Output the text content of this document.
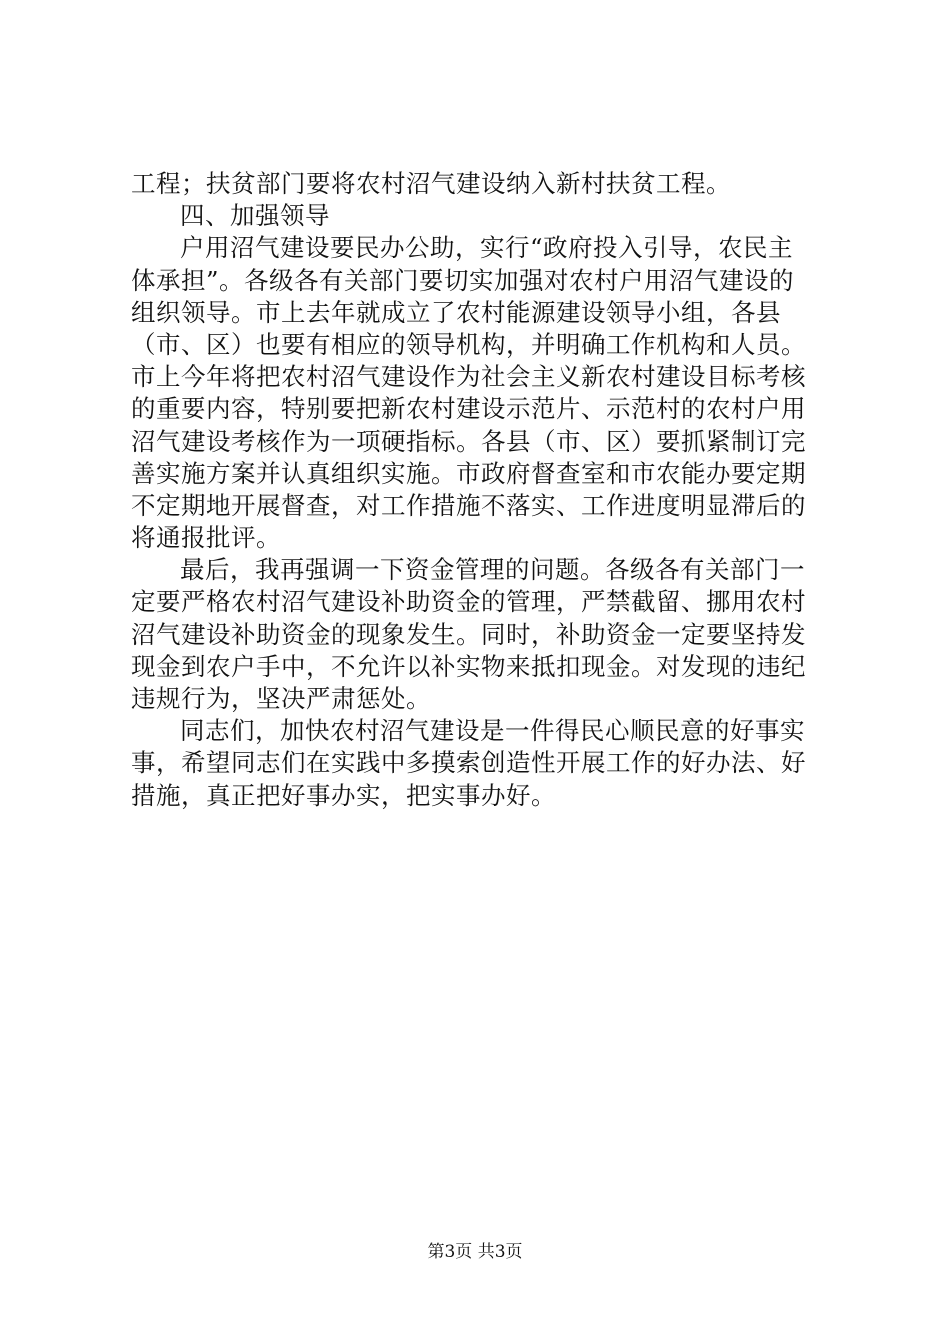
工程；扶贫部门要将农村沼气建设纳入新村扶贫工程。
四、加强领导
户用沼气建设要民办公助，实行“政府投入引导，农民主
体承担”。各级各有关部门要切实加强对农村户用沼气建设的
组织领导。市上去年就成立了农村能源建设领导小组，各县
（市、区）也要有相应的领导机构，并明确工作机构和人员。
市上今年将把农村沼气建设作为社会主义新农村建设目标考核
的重要内容，特别要把新农村建设示范片、示范村的农村户用
沼气建设考核作为一项硬指标。各县（市、区）要抓紧制订完
善实施方案并认真组织实施。市政府督查室和市农能办要定期
不定期地开展督查，对工作措施不落实、工作进度明显滞后的
将通报批评。
最后，我再强调一下资金管理的问题。各级各有关部门一
定要严格农村沼气建设补助资金的管理，严禁截留、挪用农村
沼气建设补助资金的现象发生。同时，补助资金一定要坚持发
现金到农户手中，不允许以补实物来抵扣现金。对发现的违纪
违规行为，坚决严肃惩处。
同志们，加快农村沼气建设是一件得民心顺民意的好事实
事，希望同志们在实践中多摸索创造性开展工作的好办法、好
措施，真正把好事办实，把实事办好。
第3页 共3页
